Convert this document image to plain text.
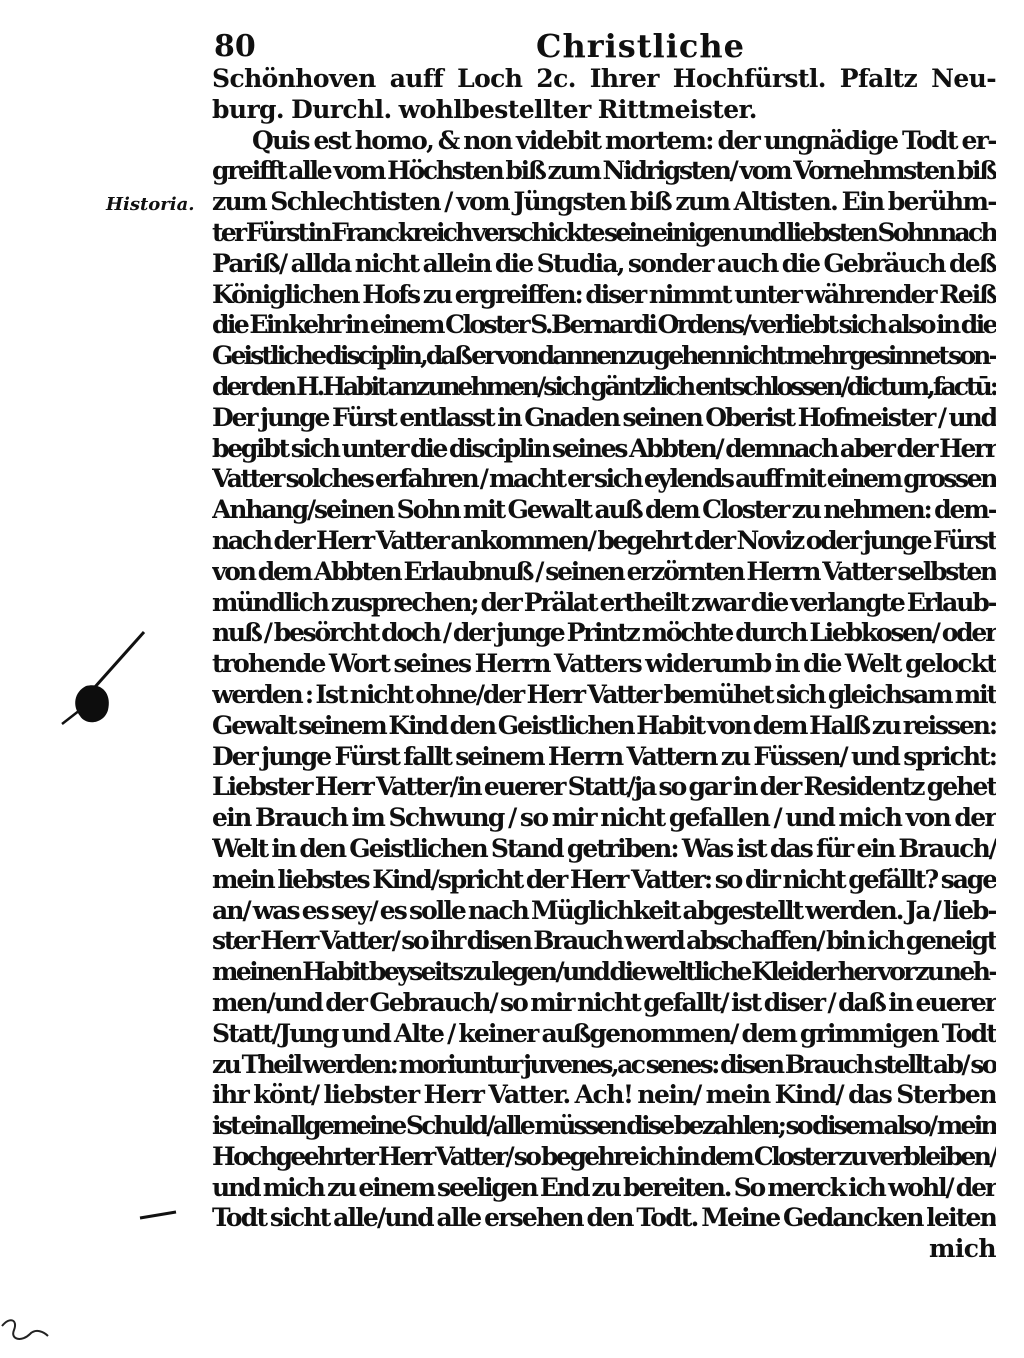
80	Christliche
Historia.
Schönhoven auff Loch 2c. Ihrer Hochfürstl. Pfaltz Neu-
burg. Durchl. wohlbestellter Rittmeister.
Quis est homo, & non videbit mortem: der ungnädige Todt er-
greifft alle vom Höchsten biß zum Nidrigsten/ vom Vornehmsten biß
zum Schlechtisten / vom Jüngsten biß zum Altisten. Ein berühm-
ter Fürst in Franckreich verschickte sein einigen und liebsten Sohn nach
Pariß/ allda nicht allein die Studia, sonder auch die Gebräuch deß
Königlichen Hofs zu ergreiffen: diser nimmt unter währender Reiß
die Einkehr in einem Closter S.Bernardi Ordens/verliebt sich also in die
Geistliche disciplin,daß er von dannen zu gehen nicht mehr gesinnet son-
der den H.Habit anzunehmen/sich gäntzlich entschlossen/dictum,factū:
Der junge Fürst entlasst in Gnaden seinen Oberist Hofmeister / und
begibt sich unter die disciplin seines Abbten/ demnach aber der Herr
Vatter solches erfahren / macht er sich eylends auff mit einem grossen
Anhang/seinen Sohn mit Gewalt auß dem Closter zu nehmen: dem-
nach der Herr Vatter ankommen/ begehrt der Noviz oder junge Fürst
von dem Abbten Erlaubnuß / seinen erzörnten Herrn Vatter selbsten
mündlich zusprechen; der Prälat ertheilt zwar die verlangte Erlaub-
nuß / besörcht doch / der junge Printz möchte durch Liebkosen/ oder
trohende Wort seines Herrn Vatters widerumb in die Welt gelockt
werden : Ist nicht ohne/der Herr Vatter bemühet sich gleichsam mit
Gewalt seinem Kind den Geistlichen Habit von dem Halß zu reissen:
Der junge Fürst fallt seinem Herrn Vattern zu Füssen/ und spricht:
Liebster Herr Vatter/in euerer Statt/ja so gar in der Residentz gehet
ein Brauch im Schwung / so mir nicht gefallen / und mich von der
Welt in den Geistlichen Stand getriben: Was ist das für ein Brauch/
mein liebstes Kind/spricht der Herr Vatter: so dir nicht gefällt? sage
an/ was es sey/ es solle nach Müglichkeit abgestellt werden. Ja / lieb-
ster Herr Vatter/ so ihr disen Brauch werd abschaffen/ bin ich geneigt
meinen Habit beyseits zu legen/und die weltliche Kleider hervor zu neh-
men/und der Gebrauch/ so mir nicht gefallt/ ist diser / daß in euerer
Statt/Jung und Alte / keiner außgenommen/ dem grimmigen Todt
zu Theil werden: moriuntur juvenes,ac senes: disen Brauch stellt ab/ so
ihr könt/ liebster Herr Vatter. Ach! nein/ mein Kind/ das Sterben
ist ein allgemeine Schuld/alle müssen dise bezahlen; so disem also/ mein
Hochgeehrter Herr Vatter/ so begehre ich in dem Closter zu verbleiben/
und mich zu einem seeligen End zu bereiten. So merck ich wohl/ der
Todt sicht alle/und alle ersehen den Todt. Meine Gedancken leiten
mich
